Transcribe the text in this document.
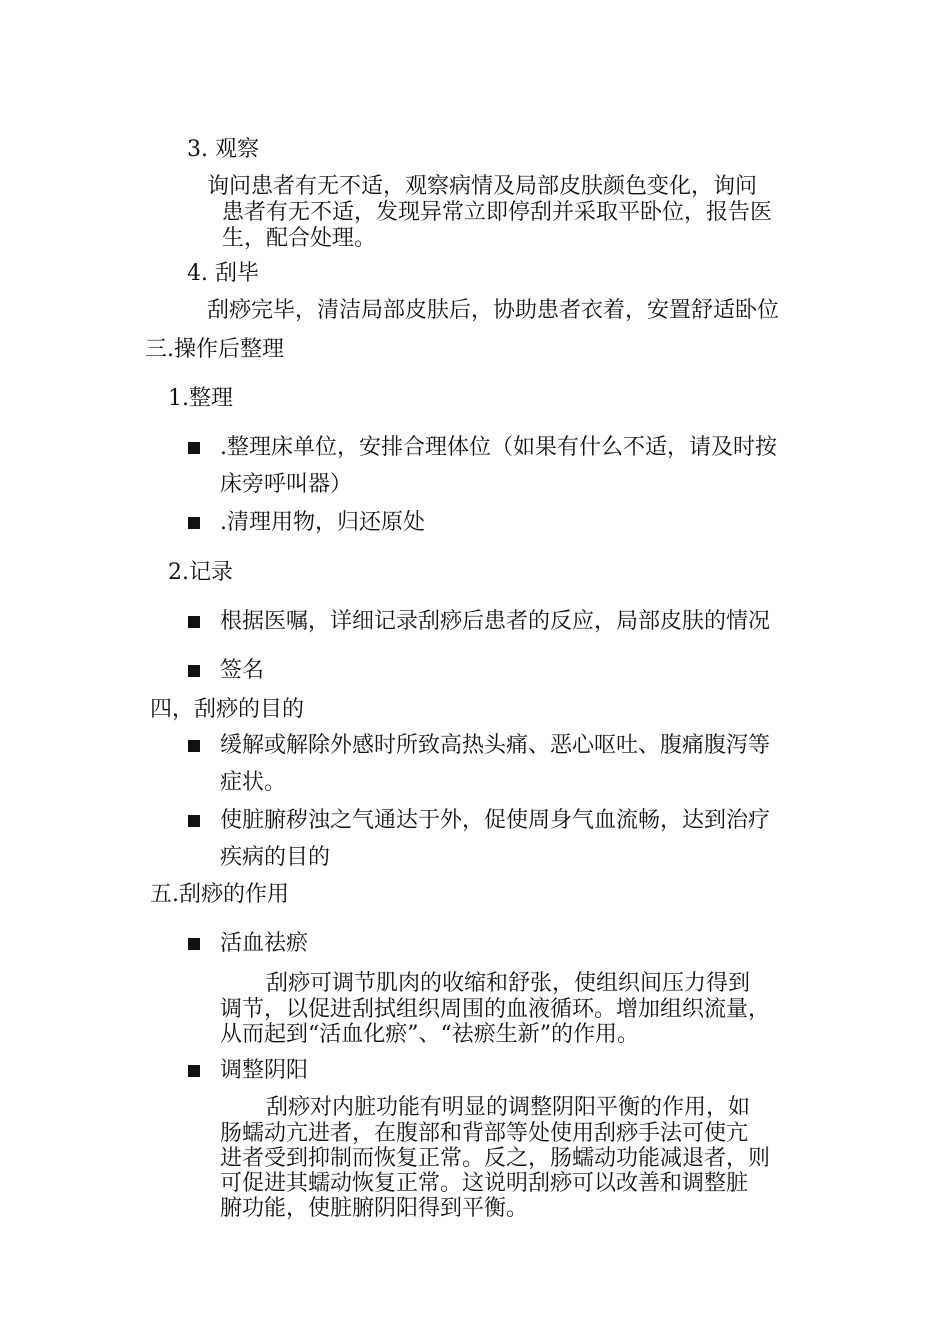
3. 观察
询问患者有无不适，观察病情及局部皮肤颜色变化，询问
患者有无不适，发现异常立即停刮并采取平卧位，报告医
生，配合处理。
4. 刮毕
刮痧完毕，清洁局部皮肤后，协助患者衣着，安置舒适卧位
三.操作后整理
1.整理
.整理床单位，安排合理体位（如果有什么不适，请及时按
床旁呼叫器）
.清理用物，归还原处
2.记录
根据医嘱，详细记录刮痧后患者的反应，局部皮肤的情况
签名
四，刮痧的目的
缓解或解除外感时所致高热头痛、恶心呕吐、腹痛腹泻等
症状。
使脏腑秽浊之气通达于外，促使周身气血流畅，达到治疗
疾病的目的
五.刮痧的作用
活血祛瘀
刮痧可调节肌肉的收缩和舒张，使组织间压力得到
调节，以促进刮拭组织周围的血液循环。增加组织流量，
从而起到“活血化瘀”、“祛瘀生新”的作用。
调整阴阳
刮痧对内脏功能有明显的调整阴阳平衡的作用，如
肠蠕动亢进者，在腹部和背部等处使用刮痧手法可使亢
进者受到抑制而恢复正常。反之，肠蠕动功能减退者，则
可促进其蠕动恢复正常。这说明刮痧可以改善和调整脏
腑功能，使脏腑阴阳得到平衡。
